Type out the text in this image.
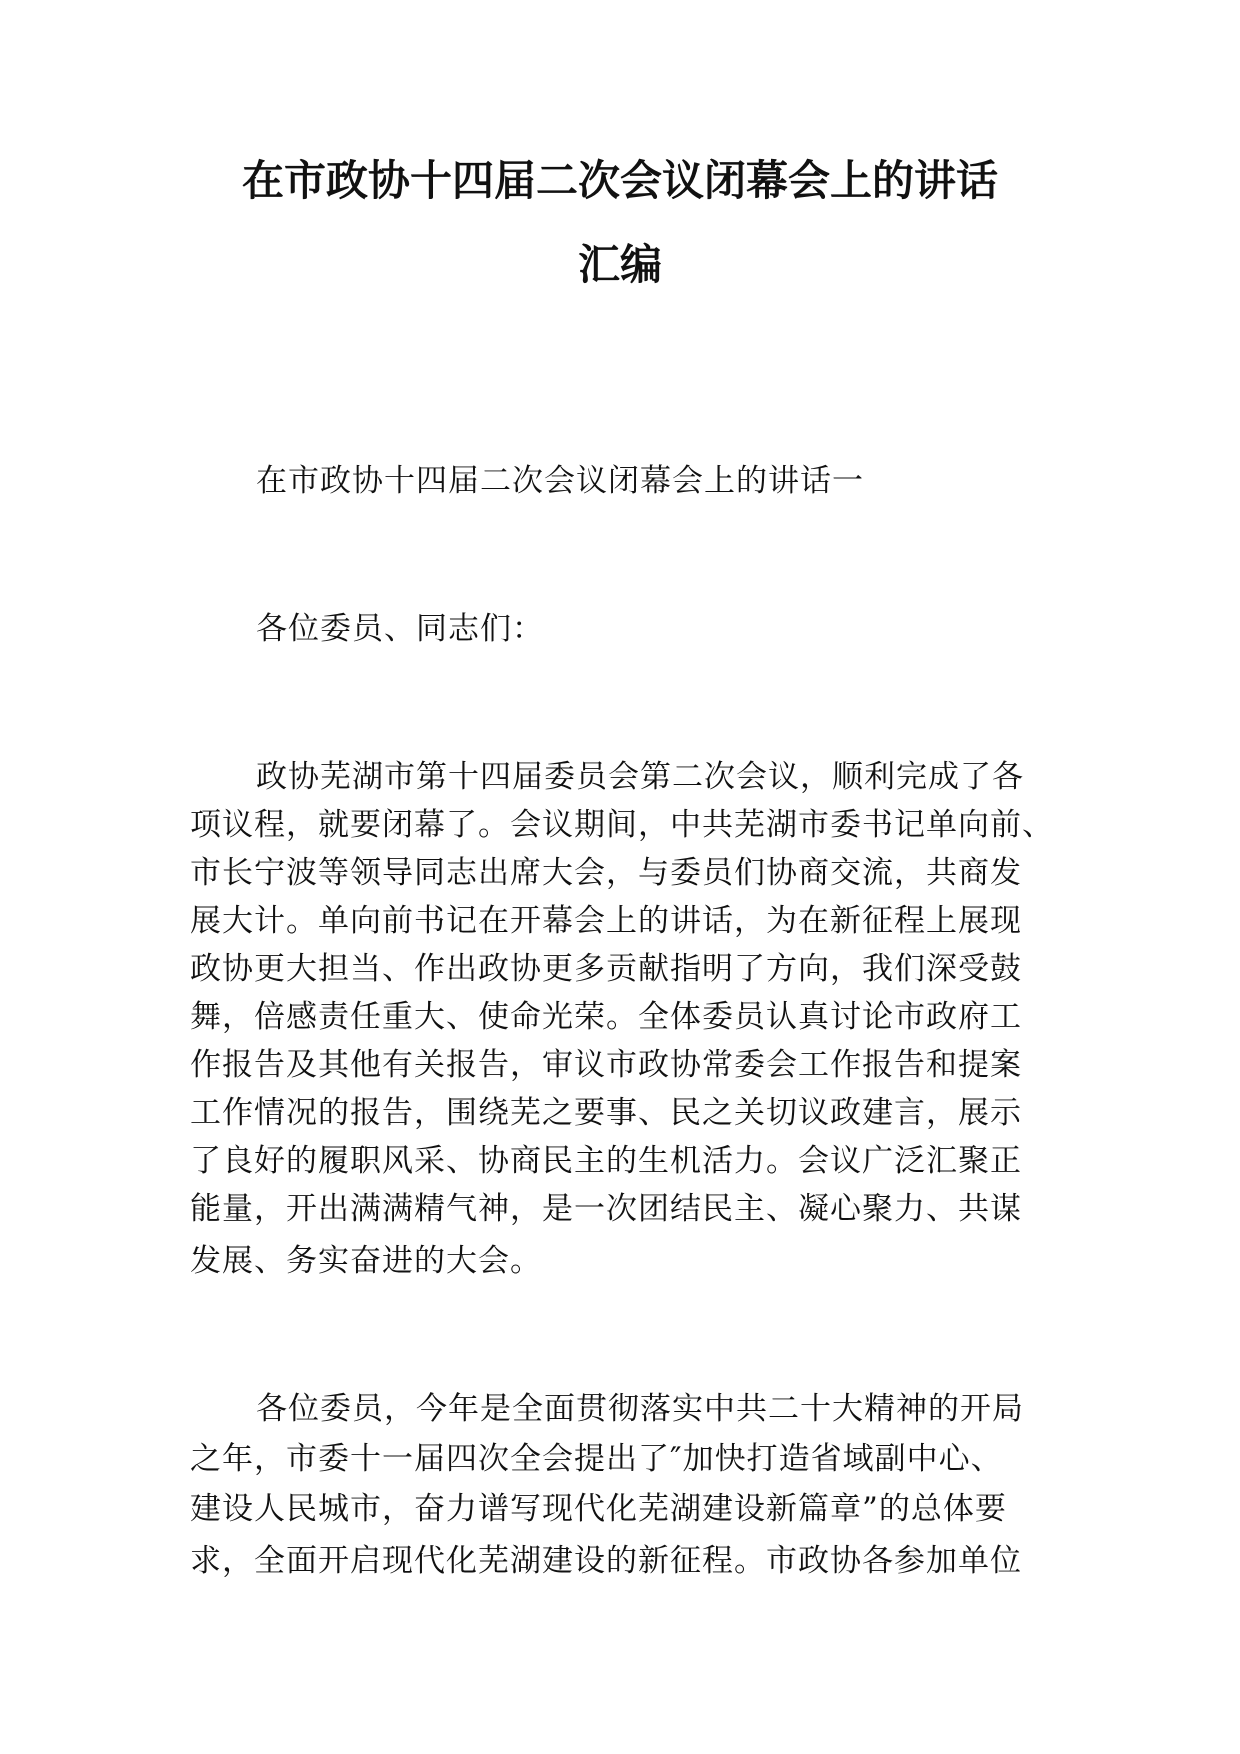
在市政协十四届二次会议闭幕会上的讲话
汇编
在市政协十四届二次会议闭幕会上的讲话一
各位委员、同志们：
政协芜湖市第十四届委员会第二次会议，顺利完成了各
项议程，就要闭幕了。会议期间，中共芜湖市委书记单向前、
市长宁波等领导同志出席大会，与委员们协商交流，共商发
展大计。单向前书记在开幕会上的讲话，为在新征程上展现
政协更大担当、作出政协更多贡献指明了方向，我们深受鼓
舞，倍感责任重大、使命光荣。全体委员认真讨论市政府工
作报告及其他有关报告，审议市政协常委会工作报告和提案
工作情况的报告，围绕芜之要事、民之关切议政建言，展示
了良好的履职风采、协商民主的生机活力。会议广泛汇聚正
能量，开出满满精气神，是一次团结民主、凝心聚力、共谋
发展、务实奋进的大会。
各位委员，今年是全面贯彻落实中共二十大精神的开局
之年，市委十一届四次全会提出了″加快打造省域副中心、
建设人民城市，奋力谱写现代化芜湖建设新篇章”的总体要
求，全面开启现代化芜湖建设的新征程。市政协各参加单位
